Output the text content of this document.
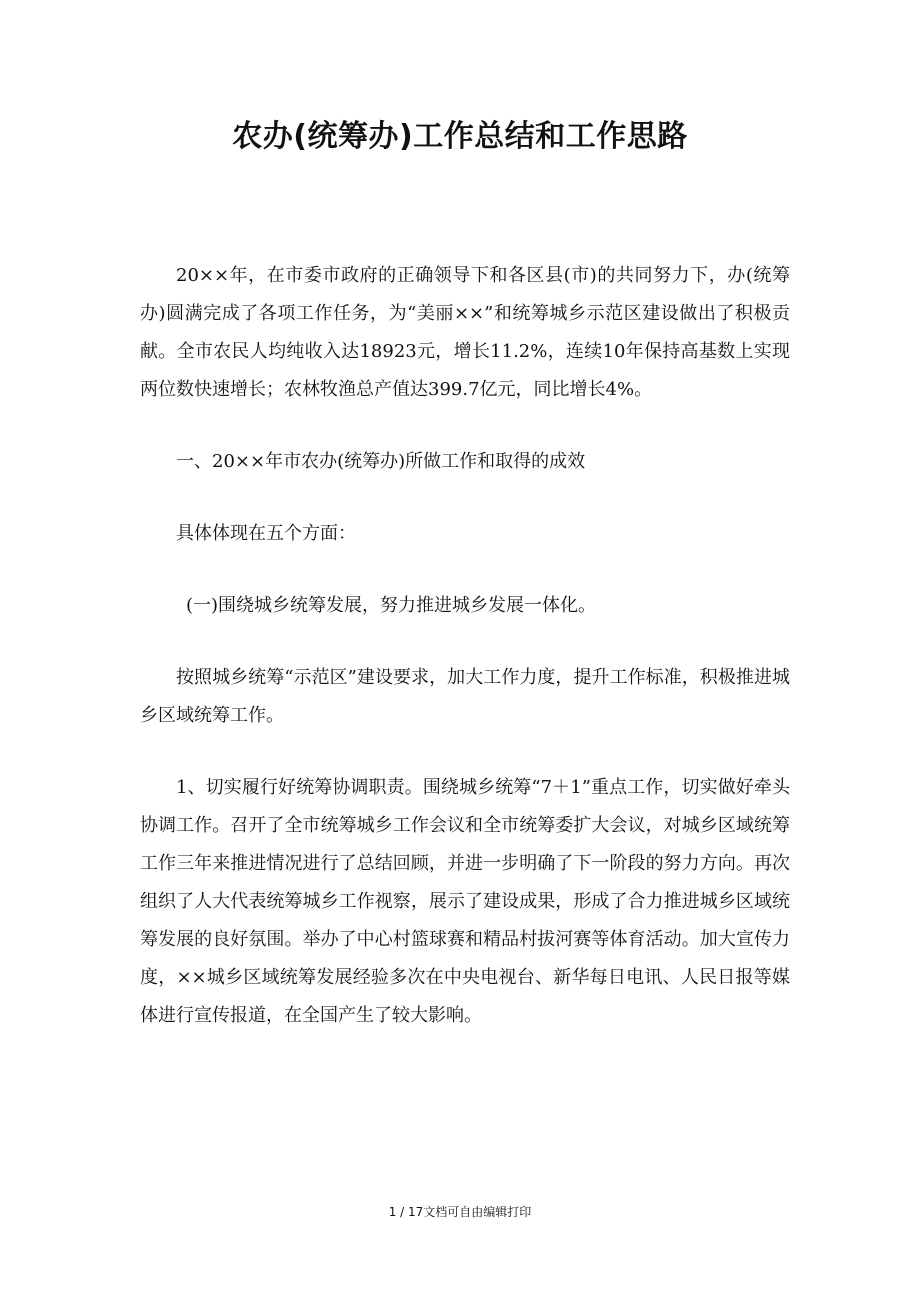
农办(统筹办)工作总结和工作思路

20××年，在市委市政府的正确领导下和各区县(市)的共同努力下，办(统筹办)圆满完成了各项工作任务，为“美丽××”和统筹城乡示范区建设做出了积极贡献。全市农民人均纯收入达18923元，增长11.2%，连续10年保持高基数上实现两位数快速增长；农林牧渔总产值达399.7亿元，同比增长4%。

一、20××年市农办(统筹办)所做工作和取得的成效

具体体现在五个方面：

(一)围绕城乡统筹发展，努力推进城乡发展一体化。

按照城乡统筹“示范区”建设要求，加大工作力度，提升工作标准，积极推进城乡区域统筹工作。

1、切实履行好统筹协调职责。围绕城乡统筹“7＋1”重点工作，切实做好牵头协调工作。召开了全市统筹城乡工作会议和全市统筹委扩大会议，对城乡区域统筹工作三年来推进情况进行了总结回顾，并进一步明确了下一阶段的努力方向。再次组织了人大代表统筹城乡工作视察，展示了建设成果，形成了合力推进城乡区域统筹发展的良好氛围。举办了中心村篮球赛和精品村拔河赛等体育活动。加大宣传力度，××城乡区域统筹发展经验多次在中央电视台、新华每日电讯、人民日报等媒体进行宣传报道，在全国产生了较大影响。

1 / 17文档可自由编辑打印
